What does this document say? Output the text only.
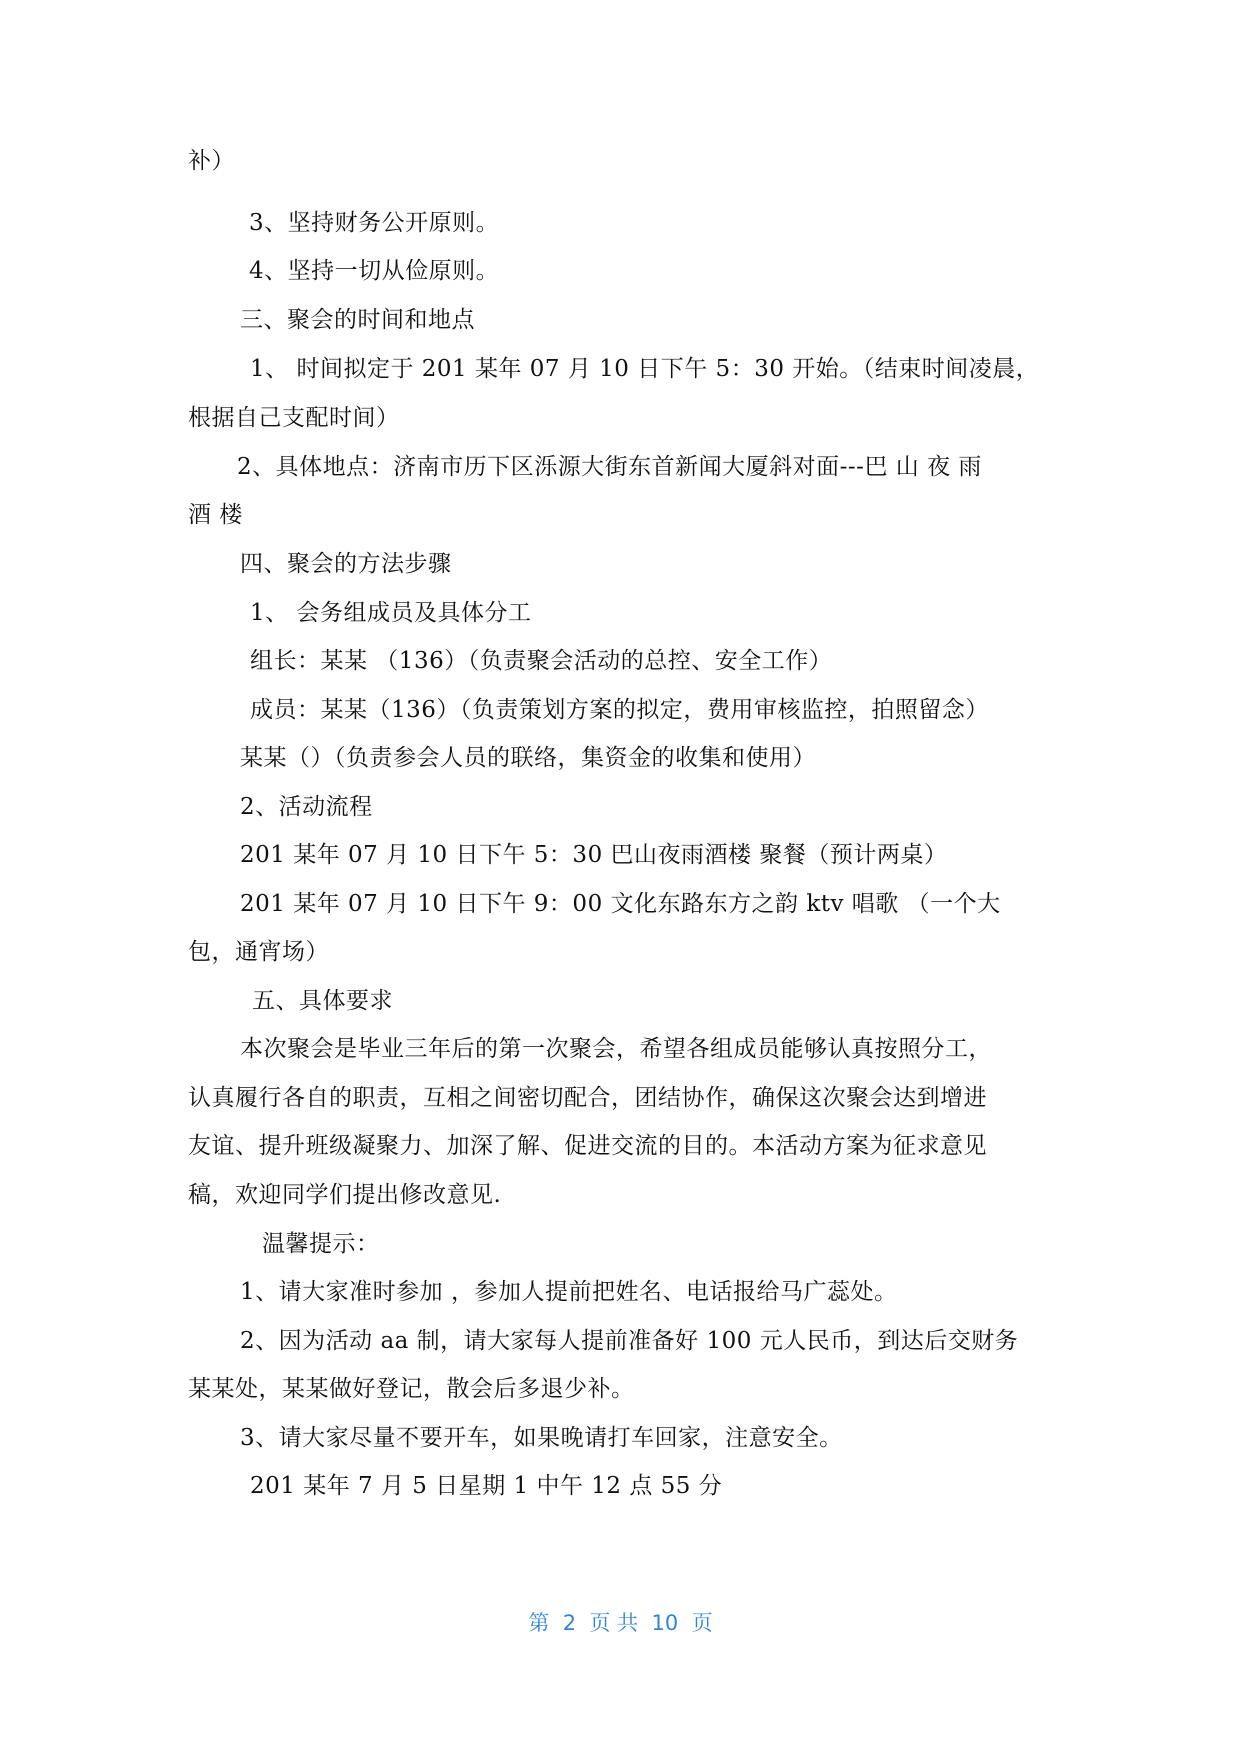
补）
3、坚持财务公开原则。
4、坚持一切从俭原则。
三、聚会的时间和地点
1、 时间拟定于 201 某年 07 月 10 日下午 5：30 开始。（结束时间凌晨，
根据自己支配时间）
2、具体地点：济南市历下区泺源大街东首新闻大厦斜对面---巴 山 夜 雨
酒 楼
四、聚会的方法步骤
1、 会务组成员及具体分工
组长：某某 （136）（负责聚会活动的总控、安全工作）
成员：某某（136）（负责策划方案的拟定，费用审核监控，拍照留念）
某某（）（负责参会人员的联络，集资金的收集和使用）
2、活动流程
201 某年 07 月 10 日下午 5：30 巴山夜雨酒楼 聚餐（预计两桌）
201 某年 07 月 10 日下午 9：00 文化东路东方之韵 ktv 唱歌 （一个大
包，通宵场）
五、具体要求
本次聚会是毕业三年后的第一次聚会，希望各组成员能够认真按照分工，
认真履行各自的职责，互相之间密切配合，团结协作，确保这次聚会达到增进
友谊、提升班级凝聚力、加深了解、促进交流的目的。本活动方案为征求意见
稿，欢迎同学们提出修改意见.
温馨提示：
1、请大家准时参加 ，参加人提前把姓名、电话报给马广蕊处。
2、因为活动 aa 制，请大家每人提前准备好 100 元人民币，到达后交财务
某某处，某某做好登记，散会后多退少补。
3、请大家尽量不要开车，如果晚请打车回家，注意安全。
201 某年 7 月 5 日星期 1 中午 12 点 55 分
第  2  页 共  10  页
